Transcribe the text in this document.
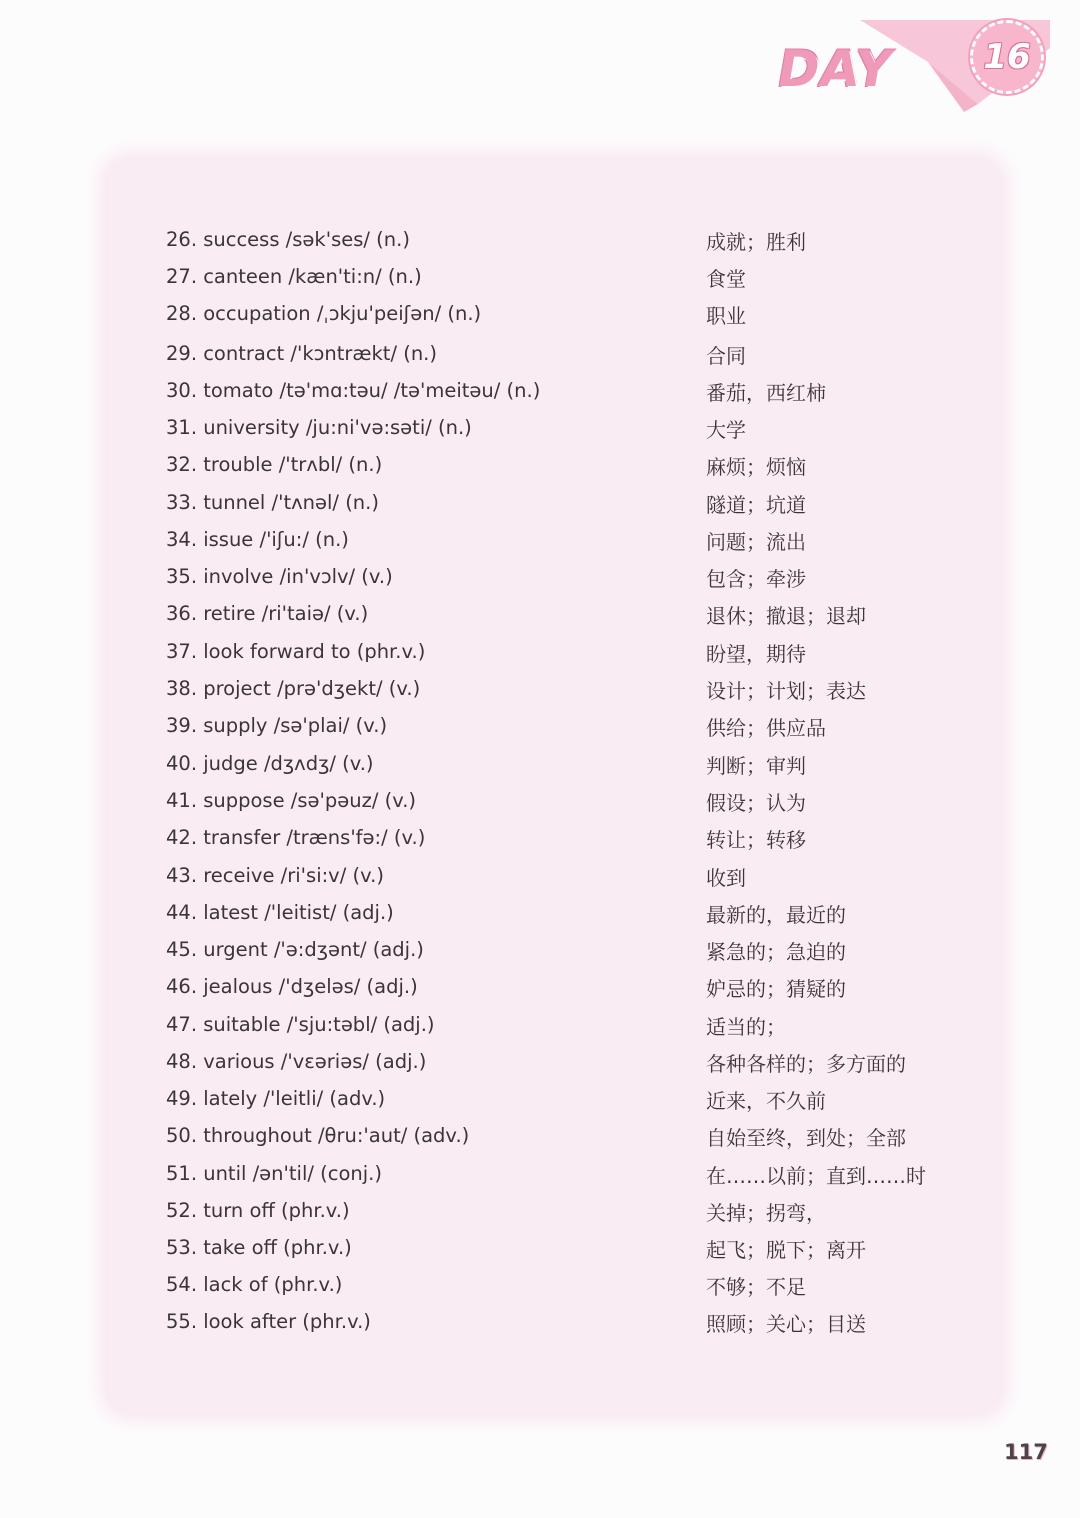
DAY	16
26. success /sək'ses/ (n.)	成就；胜利
27. canteen /kæn'ti:n/ (n.)	食堂
28. occupation /ˌɔkju'peiʃən/ (n.)	职业
29. contract /'kɔntrækt/ (n.)	合同
30. tomato /tə'mɑ:təu/ /tə'meitəu/ (n.)	番茄，西红柿
31. university /ju:ni'və:səti/ (n.)	大学
32. trouble /'trʌbl/ (n.)	麻烦；烦恼
33. tunnel /'tʌnəl/ (n.)	隧道；坑道
34. issue /'iʃu:/ (n.)	问题；流出
35. involve /in'vɔlv/ (v.)	包含；牵涉
36. retire /ri'taiə/ (v.)	退休；撤退；退却
37. look forward to (phr.v.)	盼望，期待
38. project /prə'dʒekt/ (v.)	设计；计划；表达
39. supply /sə'plai/ (v.)	供给；供应品
40. judge /dʒʌdʒ/ (v.)	判断；审判
41. suppose /sə'pəuz/ (v.)	假设；认为
42. transfer /træns'fə:/ (v.)	转让；转移
43. receive /ri'si:v/ (v.)	收到
44. latest /'leitist/ (adj.)	最新的，最近的
45. urgent /'ə:dʒənt/ (adj.)	紧急的；急迫的
46. jealous /'dʒeləs/ (adj.)	妒忌的；猜疑的
47. suitable /'sju:təbl/ (adj.)	适当的；
48. various /'vɛəriəs/ (adj.)	各种各样的；多方面的
49. lately /'leitli/ (adv.)	近来，不久前
50. throughout /θru:'aut/ (adv.)	自始至终，到处；全部
51. until /ən'til/ (conj.)	在……以前；直到……时
52. turn off (phr.v.)	关掉；拐弯，
53. take off (phr.v.)	起飞；脱下；离开
54. lack of (phr.v.)	不够；不足
55. look after (phr.v.)	照顾；关心；目送
117
